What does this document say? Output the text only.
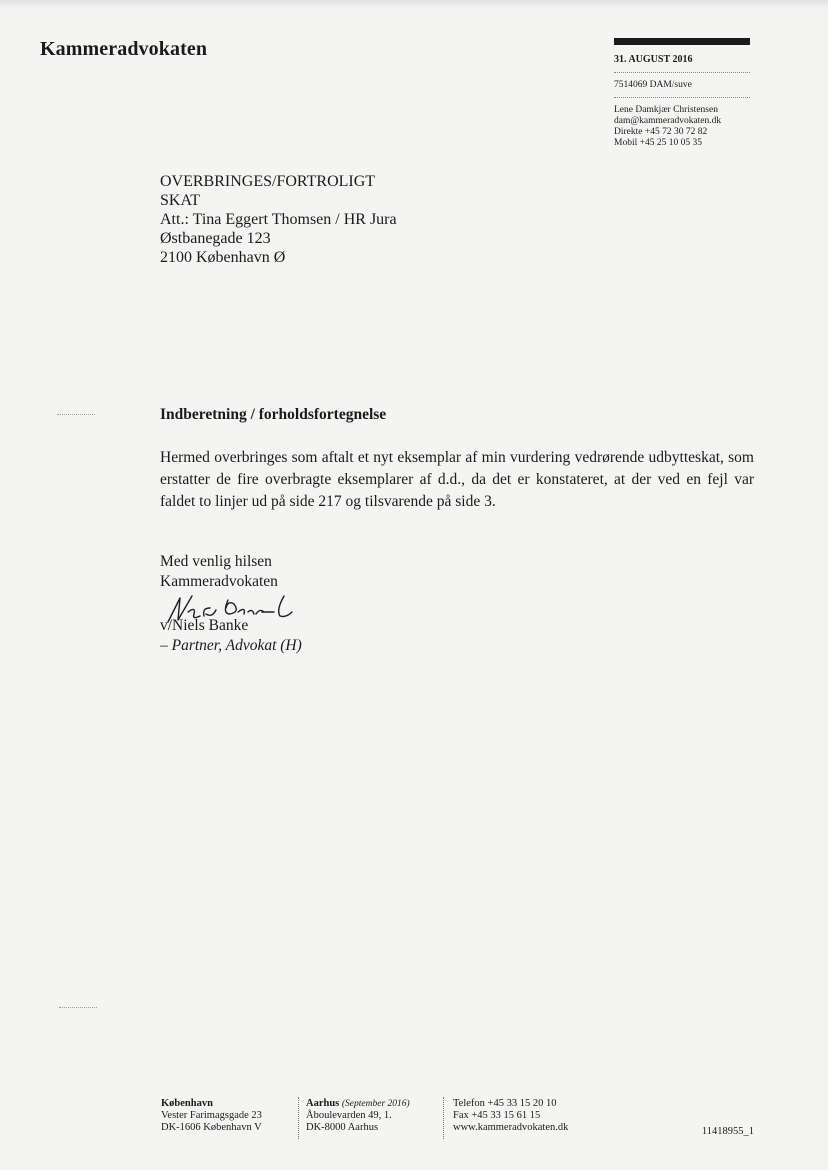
Kammeradvokaten	31. AUGUST 2016
7514069 DAM/suve
Lene Damkjær Christensen
dam@kammeradvokaten.dk
Direkte +45 72 30 72 82
Mobil +45 25 10 05 35
OVERBRINGES/FORTROLIGT
SKAT
Att.: Tina Eggert Thomsen / HR Jura
Østbanegade 123
2100 København Ø
Indberetning / forholdsfortegnelse
Hermed overbringes som aftalt et nyt eksemplar af min vurdering vedrørende udbytteskat, som erstatter de fire overbragte eksemplarer af d.d., da det er konstateret, at der ved en fejl var faldet to linjer ud på side 217 og tilsvarende på side 3.
Med venlig hilsen
Kammeradvokaten
v/Niels Banke
– Partner, Advokat (H)
København
Vester Farimagsgade 23
DK-1606 København V
Aarhus (September 2016)
Åboulevarden 49, 1.
DK-8000 Aarhus
Telefon +45 33 15 20 10
Fax +45 33 15 61 15
www.kammeradvokaten.dk	11418955_1
